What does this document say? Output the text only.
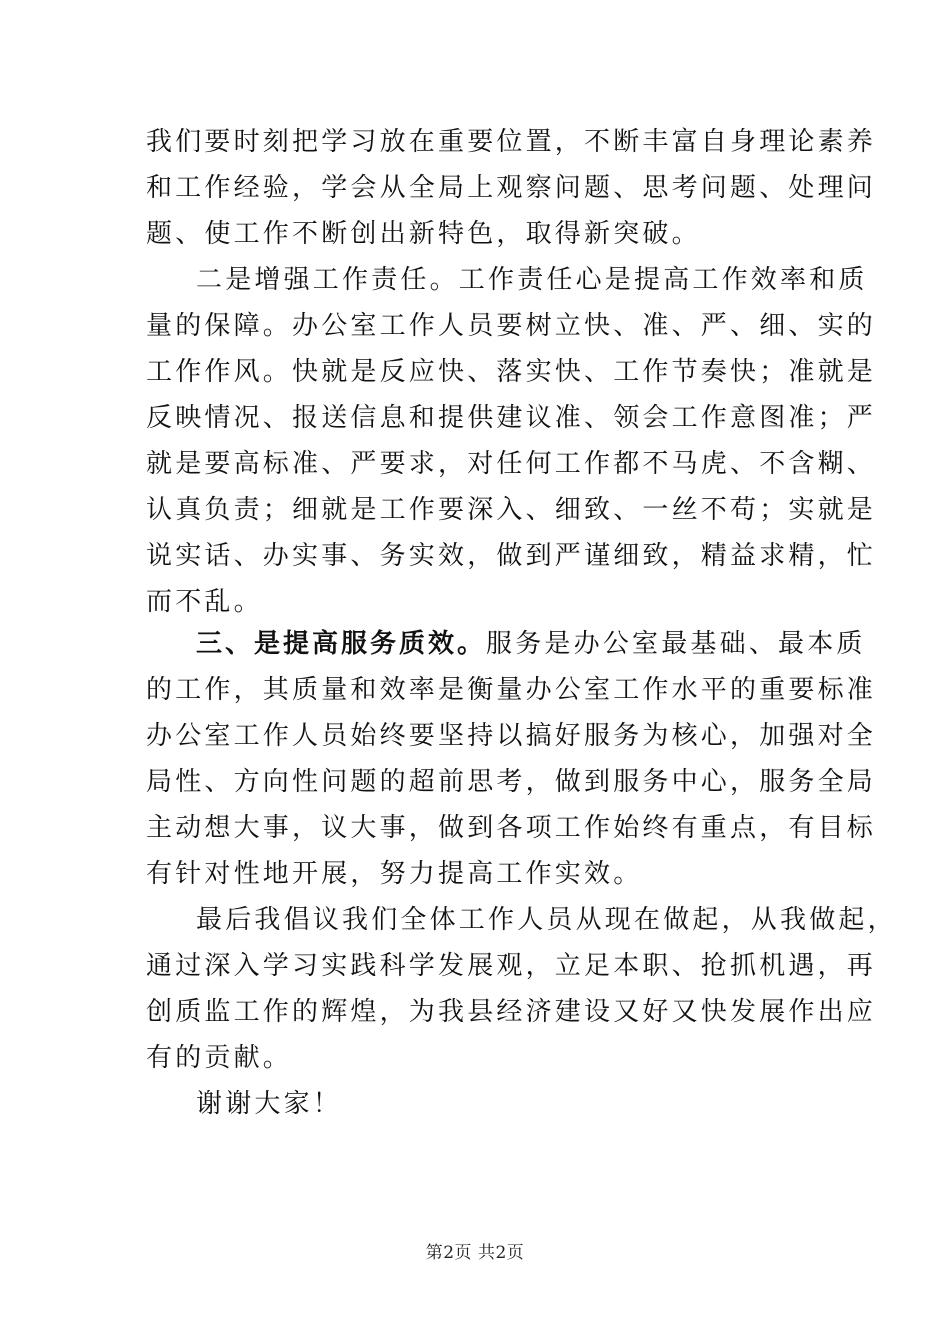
我们要时刻把学习放在重要位置，不断丰富自身理论素养
和工作经验，学会从全局上观察问题、思考问题、处理问
题、使工作不断创出新特色，取得新突破。
二是增强工作责任。工作责任心是提高工作效率和质
量的保障。办公室工作人员要树立快、准、严、细、实的
工作作风。快就是反应快、落实快、工作节奏快；准就是
反映情况、报送信息和提供建议准、领会工作意图准；严
就是要高标准、严要求，对任何工作都不马虎、不含糊、
认真负责；细就是工作要深入、细致、一丝不苟；实就是
说实话、办实事、务实效，做到严谨细致，精益求精，忙
而不乱。
三、是提高服务质效。服务是办公室最基础、最本质
的工作，其质量和效率是衡量办公室工作水平的重要标准
办公室工作人员始终要坚持以搞好服务为核心，加强对全
局性、方向性问题的超前思考，做到服务中心，服务全局
主动想大事，议大事，做到各项工作始终有重点，有目标
有针对性地开展，努力提高工作实效。
最后我倡议我们全体工作人员从现在做起，从我做起，
通过深入学习实践科学发展观，立足本职、抢抓机遇，再
创质监工作的辉煌，为我县经济建设又好又快发展作出应
有的贡献。
谢谢大家！
第2页 共2页
